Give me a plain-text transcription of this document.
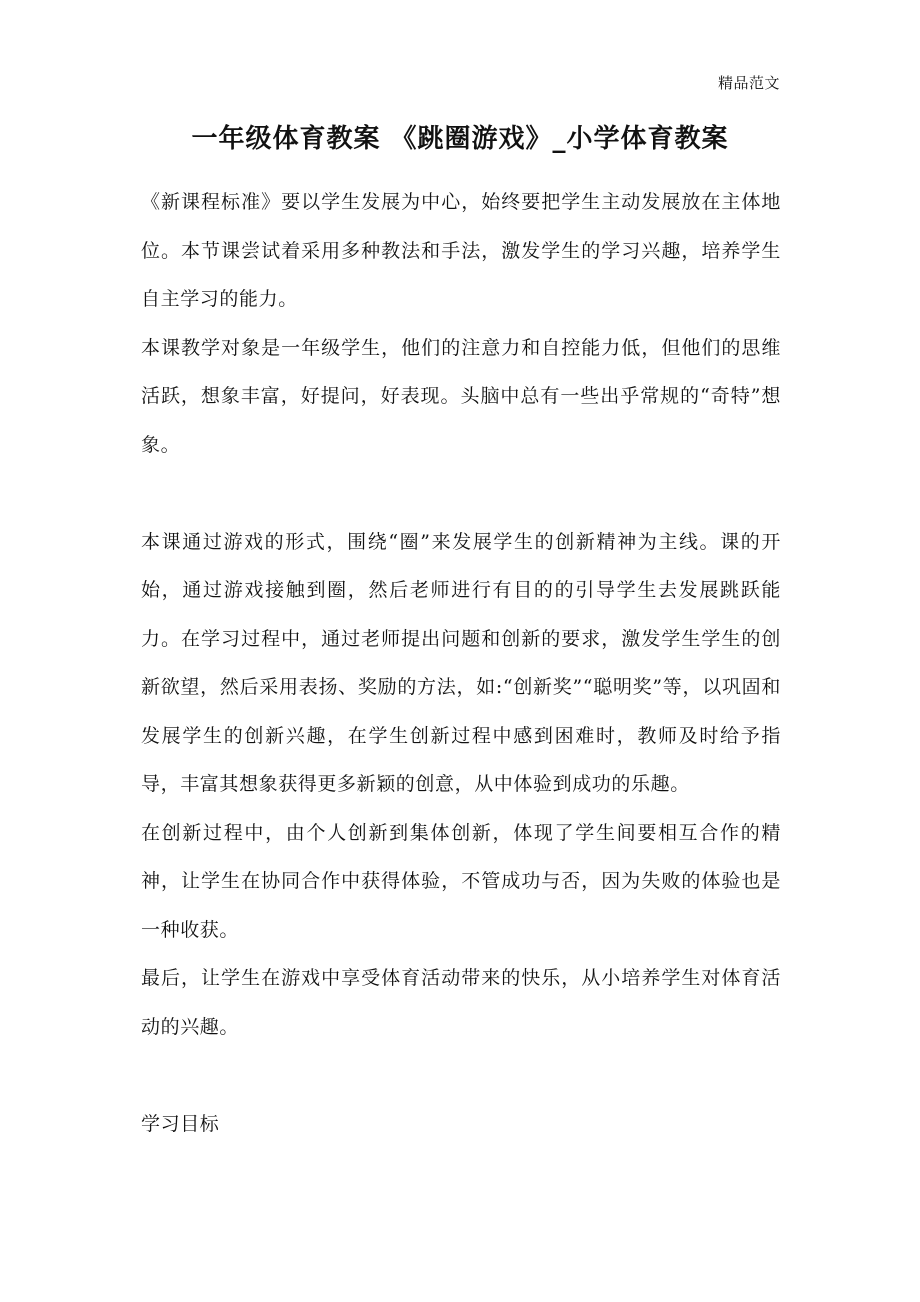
精品范文
一年级体育教案 《跳圈游戏》_小学体育教案

《新课程标准》要以学生发展为中心，始终要把学生主动发展放在主体地位。本节课尝试着采用多种教法和手法，激发学生的学习兴趣，培养学生自主学习的能力。

本课教学对象是一年级学生，他们的注意力和自控能力低，但他们的思维活跃，想象丰富，好提问，好表现。头脑中总有一些出乎常规的“奇特”想象。

本课通过游戏的形式，围绕“圈”来发展学生的创新精神为主线。课的开始，通过游戏接触到圈，然后老师进行有目的的引导学生去发展跳跃能力。在学习过程中，通过老师提出问题和创新的要求，激发学生学生的创新欲望，然后采用表扬、奖励的方法，如:“创新奖”“聪明奖”等，以巩固和发展学生的创新兴趣，在学生创新过程中感到困难时，教师及时给予指导，丰富其想象获得更多新颖的创意，从中体验到成功的乐趣。

在创新过程中，由个人创新到集体创新，体现了学生间要相互合作的精神，让学生在协同合作中获得体验，不管成功与否，因为失败的体验也是一种收获。

最后，让学生在游戏中享受体育活动带来的快乐，从小培养学生对体育活动的兴趣。

学习目标
